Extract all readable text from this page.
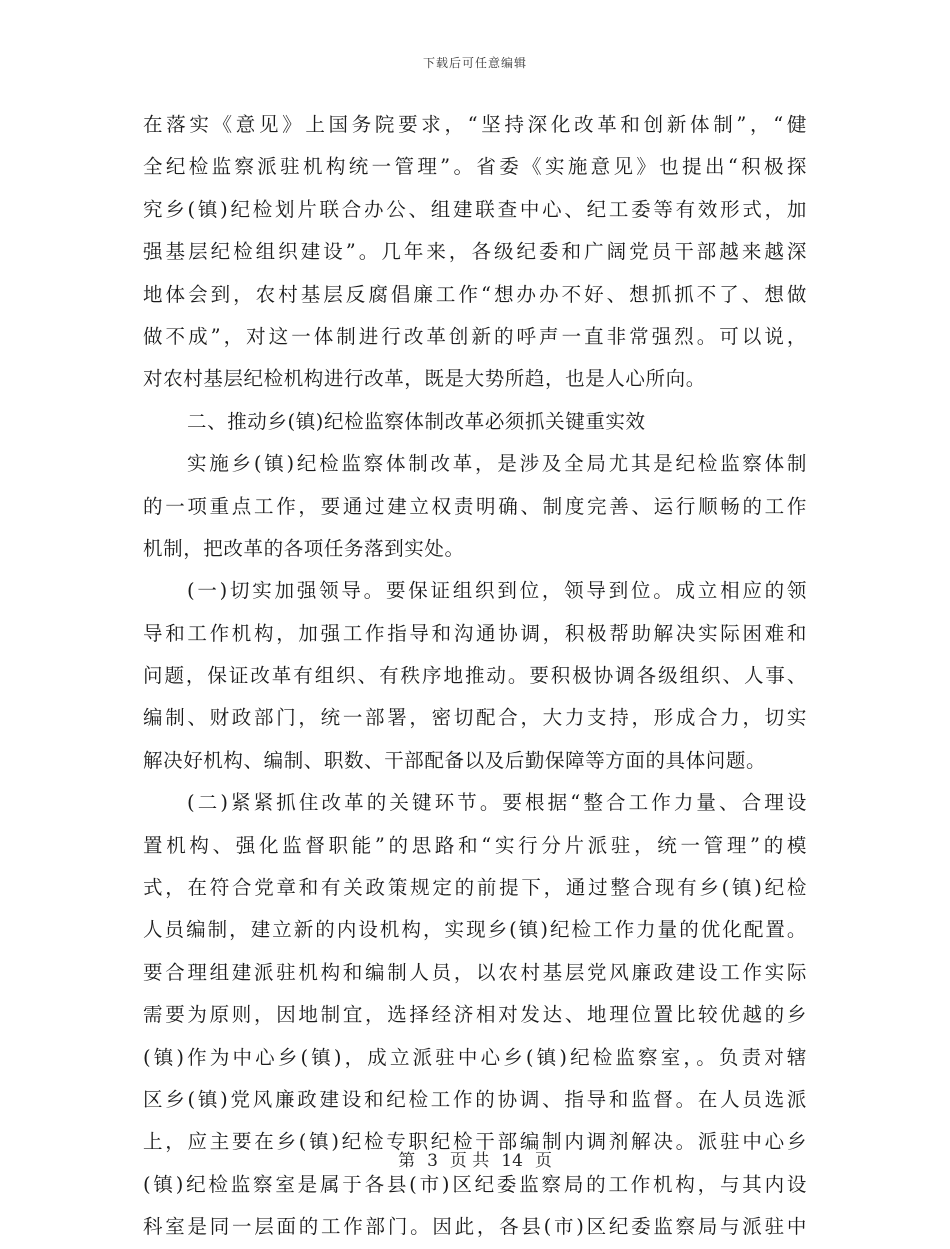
下载后可任意编辑
在落实《意见》上国务院要求，“坚持深化改革和创新体制”，“健
全纪检监察派驻机构统一管理”。省委《实施意见》也提出“积极探
究乡(镇)纪检划片联合办公、组建联查中心、纪工委等有效形式，加
强基层纪检组织建设”。几年来，各级纪委和广阔党员干部越来越深
地体会到，农村基层反腐倡廉工作“想办办不好、想抓抓不了、想做
做不成”，对这一体制进行改革创新的呼声一直非常强烈。可以说，
对农村基层纪检机构进行改革，既是大势所趋，也是人心所向。
二、推动乡(镇)纪检监察体制改革必须抓关键重实效
实施乡(镇)纪检监察体制改革，是涉及全局尤其是纪检监察体制
的一项重点工作，要通过建立权责明确、制度完善、运行顺畅的工作
机制，把改革的各项任务落到实处。
(一)切实加强领导。要保证组织到位，领导到位。成立相应的领
导和工作机构，加强工作指导和沟通协调，积极帮助解决实际困难和
问题，保证改革有组织、有秩序地推动。要积极协调各级组织、人事、
编制、财政部门，统一部署，密切配合，大力支持，形成合力，切实
解决好机构、编制、职数、干部配备以及后勤保障等方面的具体问题。
(二)紧紧抓住改革的关键环节。要根据“整合工作力量、合理设
置机构、强化监督职能”的思路和“实行分片派驻，统一管理”的模
式，在符合党章和有关政策规定的前提下，通过整合现有乡(镇)纪检
人员编制，建立新的内设机构，实现乡(镇)纪检工作力量的优化配置。
要合理组建派驻机构和编制人员，以农村基层党风廉政建设工作实际
需要为原则，因地制宜，选择经济相对发达、地理位置比较优越的乡
(镇)作为中心乡(镇)，成立派驻中心乡(镇)纪检监察室，。负责对辖
区乡(镇)党风廉政建设和纪检工作的协调、指导和监督。在人员选派
上，应主要在乡(镇)纪检专职纪检干部编制内调剂解决。派驻中心乡
(镇)纪检监察室是属于各县(市)区纪委监察局的工作机构，与其内设
科室是同一层面的工作部门。因此，各县(市)区纪委监察局与派驻中
第 3 页 共 14 页
